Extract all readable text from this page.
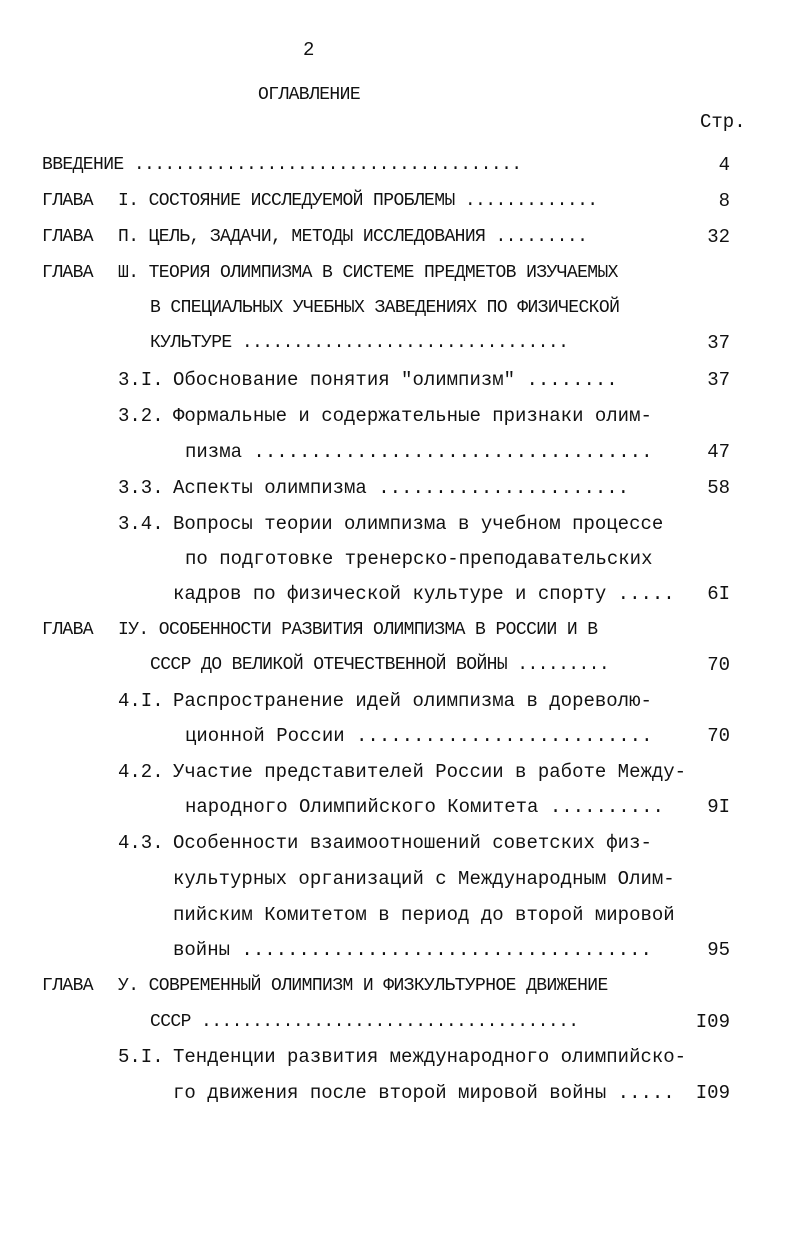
2
ОГЛАВЛЕНИЕ
Стр.
ВВЕДЕНИЕ ......................................	4
ГЛАВА I. СОСТОЯНИЕ ИССЛЕДУЕМОЙ ПРОБЛЕМЫ .............	8
ГЛАВА П. ЦЕЛЬ, ЗАДАЧИ, МЕТОДЫ ИССЛЕДОВАНИЯ .........	32
ГЛАВА Ш. ТЕОРИЯ ОЛИМПИЗМА В СИСТЕМЕ ПРЕДМЕТОВ ИЗУЧАЕМЫХ
В СПЕЦИАЛЬНЫХ УЧЕБНЫХ ЗАВЕДЕНИЯХ ПО ФИЗИЧЕСКОЙ
КУЛЬТУРЕ ................................	37
3.I. Обоснование понятия "олимпизм" ........	37
3.2. Формальные и содержательные признаки олим-
пизма ...................................	47
3.3. Аспекты олимпизма ......................	58
3.4. Вопросы теории олимпизма в учебном процессе
по подготовке тренерско-преподавательских
кадров по физической культуре и спорту .....	6I
ГЛАВА IУ. ОСОБЕННОСТИ РАЗВИТИЯ ОЛИМПИЗМА В РОССИИ И В
СССР ДО ВЕЛИКОЙ ОТЕЧЕСТВЕННОЙ ВОЙНЫ .........	70
4.I. Распространение идей олимпизма в дореволю-
ционной России ..........................	70
4.2. Участие представителей России в работе Между-
народного Олимпийского Комитета ..........	9I
4.3. Особенности взаимоотношений советских физ-
культурных организаций с Международным Олим-
пийским Комитетом в период до второй мировой
войны ....................................	95
ГЛАВА У. СОВРЕМЕННЫЙ ОЛИМПИЗМ И ФИЗКУЛЬТУРНОЕ ДВИЖЕНИЕ
СССР .....................................	I09
5.I. Тенденции развития международного олимпийско-
го движения после второй мировой войны .....	I09
